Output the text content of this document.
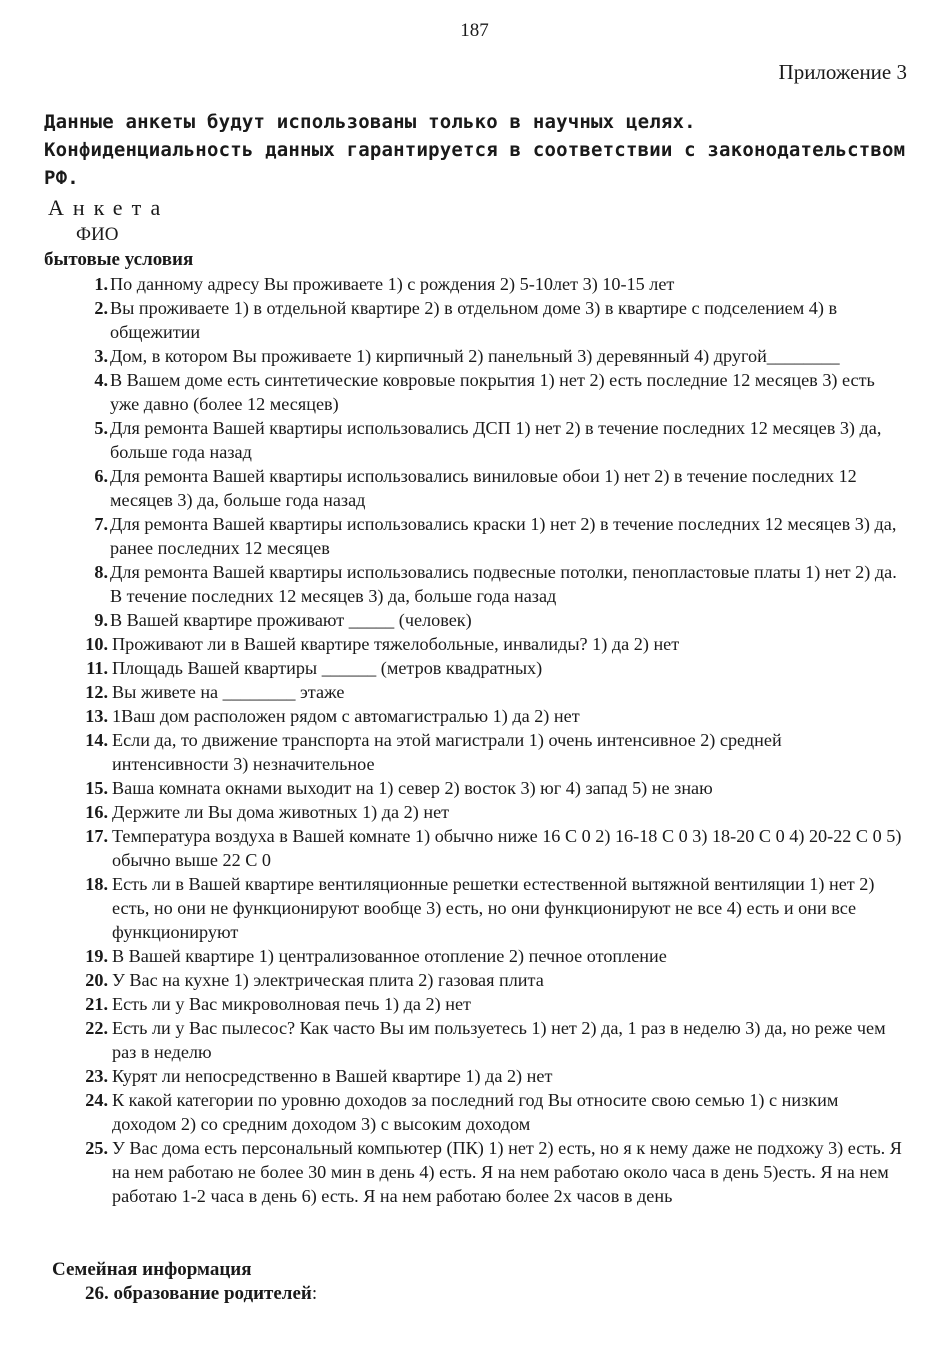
187
Приложение 3
Данные анкеты будут использованы только в научных целях. Конфиденциальность данных гарантируется в соответствии с законодательством РФ.
Анкета
ФИО
бытовые условия
1. По данному адресу Вы проживаете 1) с рождения 2) 5-10лет 3) 10-15 лет
2. Вы проживаете 1) в отдельной квартире 2) в отдельном доме 3) в квартире с подселением 4) в общежитии
3. Дом, в котором Вы проживаете 1) кирпичный 2) панельный 3) деревянный 4) другой________
4. В Вашем доме есть синтетические ковровые покрытия 1) нет 2) есть последние 12 месяцев 3) есть уже давно (более 12 месяцев)
5. Для ремонта Вашей квартиры использовались ДСП 1) нет 2) в течение последних 12 месяцев 3) да, больше года назад
6. Для ремонта Вашей квартиры использовались виниловые обои 1) нет 2) в течение последних 12 месяцев 3) да, больше года назад
7. Для ремонта Вашей квартиры использовались краски 1) нет 2) в течение последних 12 месяцев 3) да, ранее последних 12 месяцев
8. Для ремонта Вашей квартиры использовались подвесные потолки, пенопластовые платы 1) нет 2) да. В течение последних 12 месяцев 3) да, больше года назад
9. В Вашей квартире проживают _____ (человек)
10. Проживают ли в Вашей квартире тяжелобольные, инвалиды? 1) да 2) нет
11. Площадь Вашей квартиры ______ (метров квадратных)
12. Вы живете на ________ этаже
13. 1Ваш дом расположен рядом с автомагистралью 1) да 2) нет
14. Если да, то движение транспорта на этой магистрали 1) очень интенсивное 2) средней интенсивности 3) незначительное
15. Ваша комната окнами выходит на 1) север 2) восток 3) юг 4) запад 5) не знаю
16. Держите ли Вы дома животных 1) да 2) нет
17. Температура воздуха в Вашей комнате 1) обычно ниже 16 С 0 2) 16-18 С 0 3) 18-20 С 0 4) 20-22 С 0 5) обычно выше 22 С 0
18. Есть ли в Вашей квартире вентиляционные решетки естественной вытяжной вентиляции 1) нет 2) есть, но они не функционируют вообще 3) есть, но они функционируют не все 4) есть и они все функционируют
19. В Вашей квартире 1) централизованное отопление 2) печное отопление
20. У Вас на кухне 1) электрическая плита 2) газовая плита
21. Есть ли у Вас микроволновая печь 1) да 2) нет
22. Есть ли у Вас пылесос? Как часто Вы им пользуетесь 1) нет 2) да, 1 раз в неделю 3) да, но реже чем раз в неделю
23. Курят ли непосредственно в Вашей квартире 1) да 2) нет
24. К какой категории по уровню доходов за последний год Вы относите свою семью 1) с низким доходом 2) со средним доходом 3) с высоким доходом
25. У Вас дома есть персональный компьютер (ПК) 1) нет 2) есть, но я к нему даже не подхожу 3) есть. Я на нем работаю не более 30 мин в день 4) есть. Я на нем работаю около часа в день 5)есть. Я на нем работаю 1-2 часа в день 6) есть. Я на нем работаю более 2х часов в день
Семейная информация
26. образование родителей:
